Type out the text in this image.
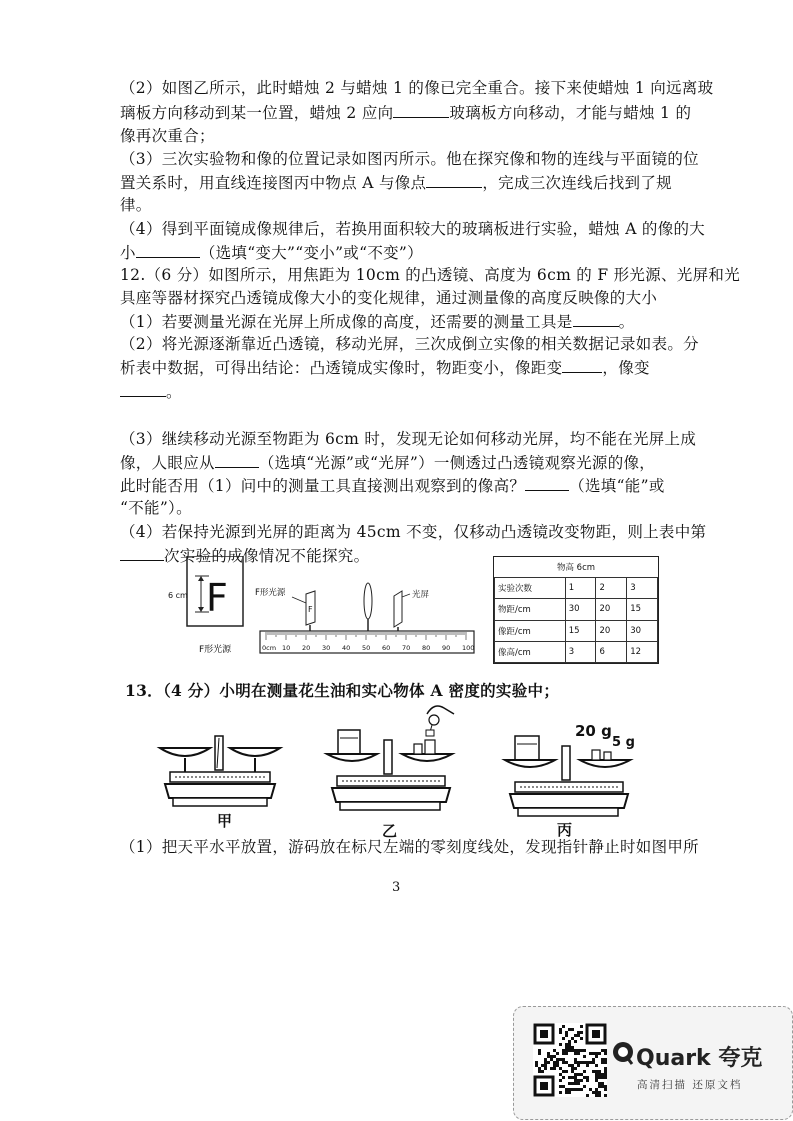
（2）如图乙所示，此时蜡烛 2 与蜡烛 1 的像已完全重合。接下来使蜡烛 1 向远离玻
璃板方向移动到某一位置，蜡烛 2 应向	玻璃板方向移动，才能与蜡烛 1 的
像再次重合；
（3）三次实验物和像的位置记录如图丙所示。他在探究像和物的连线与平面镜的位
置关系时，用直线连接图丙中物点 A 与像点	，完成三次连线后找到了规
律。
（4）得到平面镜成像规律后，若换用面积较大的玻璃板进行实验，蜡烛 A 的像的大
小	（选填“变大”“变小”或“不变”）
12.（6 分）如图所示，用焦距为 10cm 的凸透镜、高度为 6cm 的 F 形光源、光屏和光
具座等器材探究凸透镜成像大小的变化规律，通过测量像的高度反映像的大小
（1）若要测量光源在光屏上所成像的高度，还需要的测量工具是	。
（2）将光源逐渐靠近凸透镜，移动光屏，三次成倒立实像的相关数据记录如表。分
析表中数据，可得出结论：凸透镜成实像时，物距变小，像距变	，像变
。
（3）继续移动光源至物距为 6cm 时，发现无论如何移动光屏，均不能在光屏上成
像，人眼应从	（选填“光源”或“光屏”）一侧透过凸透镜观察光源的像，
此时能否用（1）问中的测量工具直接测出观察到的像高？	（选填“能”或
“不能”）。
（4）若保持光源到光屏的距离为 45cm 不变，仅移动凸透镜改变物距，则上表中第
次实验的成像情况不能探究。
6 cm F
F形光源
F形光源
F
光屏
0cm 10 20 30 40 50 60 70 80 90 100
物高 6cm			
实验次数	1	2	3
物距/cm	30	20	15
像距/cm	15	20	30
像高/cm	3	6	12
13．（4 分）小明在测量花生油和实心物体 A 密度的实验中；
甲
乙
20 g
5 g
丙
（1）把天平水平放置，游码放在标尺左端的零刻度线处，发现指针静止时如图甲所
3
Quark 夸克
高清扫描 还原文档
